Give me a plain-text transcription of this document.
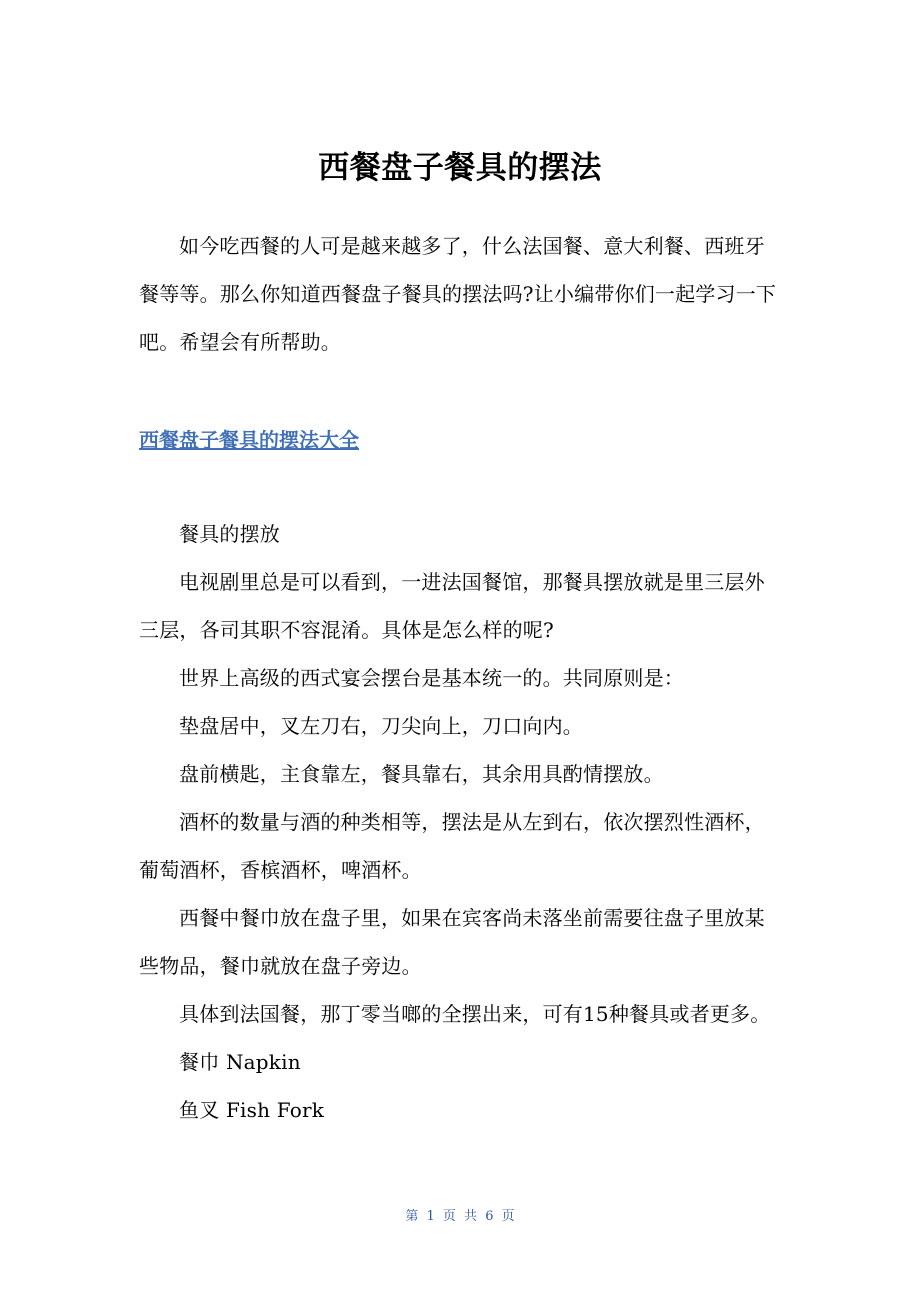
西餐盘子餐具的摆法

如今吃西餐的人可是越来越多了，什么法国餐、意大利餐、西班牙餐等等。那么你知道西餐盘子餐具的摆法吗?让小编带你们一起学习一下吧。希望会有所帮助。

西餐盘子餐具的摆法大全

餐具的摆放

电视剧里总是可以看到，一进法国餐馆，那餐具摆放就是里三层外三层，各司其职不容混淆。具体是怎么样的呢?

世界上高级的西式宴会摆台是基本统一的。共同原则是：

垫盘居中，叉左刀右，刀尖向上，刀口向内。

盘前横匙，主食靠左，餐具靠右，其余用具酌情摆放。

酒杯的数量与酒的种类相等，摆法是从左到右，依次摆烈性酒杯，葡萄酒杯，香槟酒杯，啤酒杯。

西餐中餐巾放在盘子里，如果在宾客尚未落坐前需要往盘子里放某些物品，餐巾就放在盘子旁边。

具体到法国餐，那丁零当啷的全摆出来，可有15种餐具或者更多。

餐巾 Napkin

鱼叉 Fish Fork

第 1 页 共 6 页
